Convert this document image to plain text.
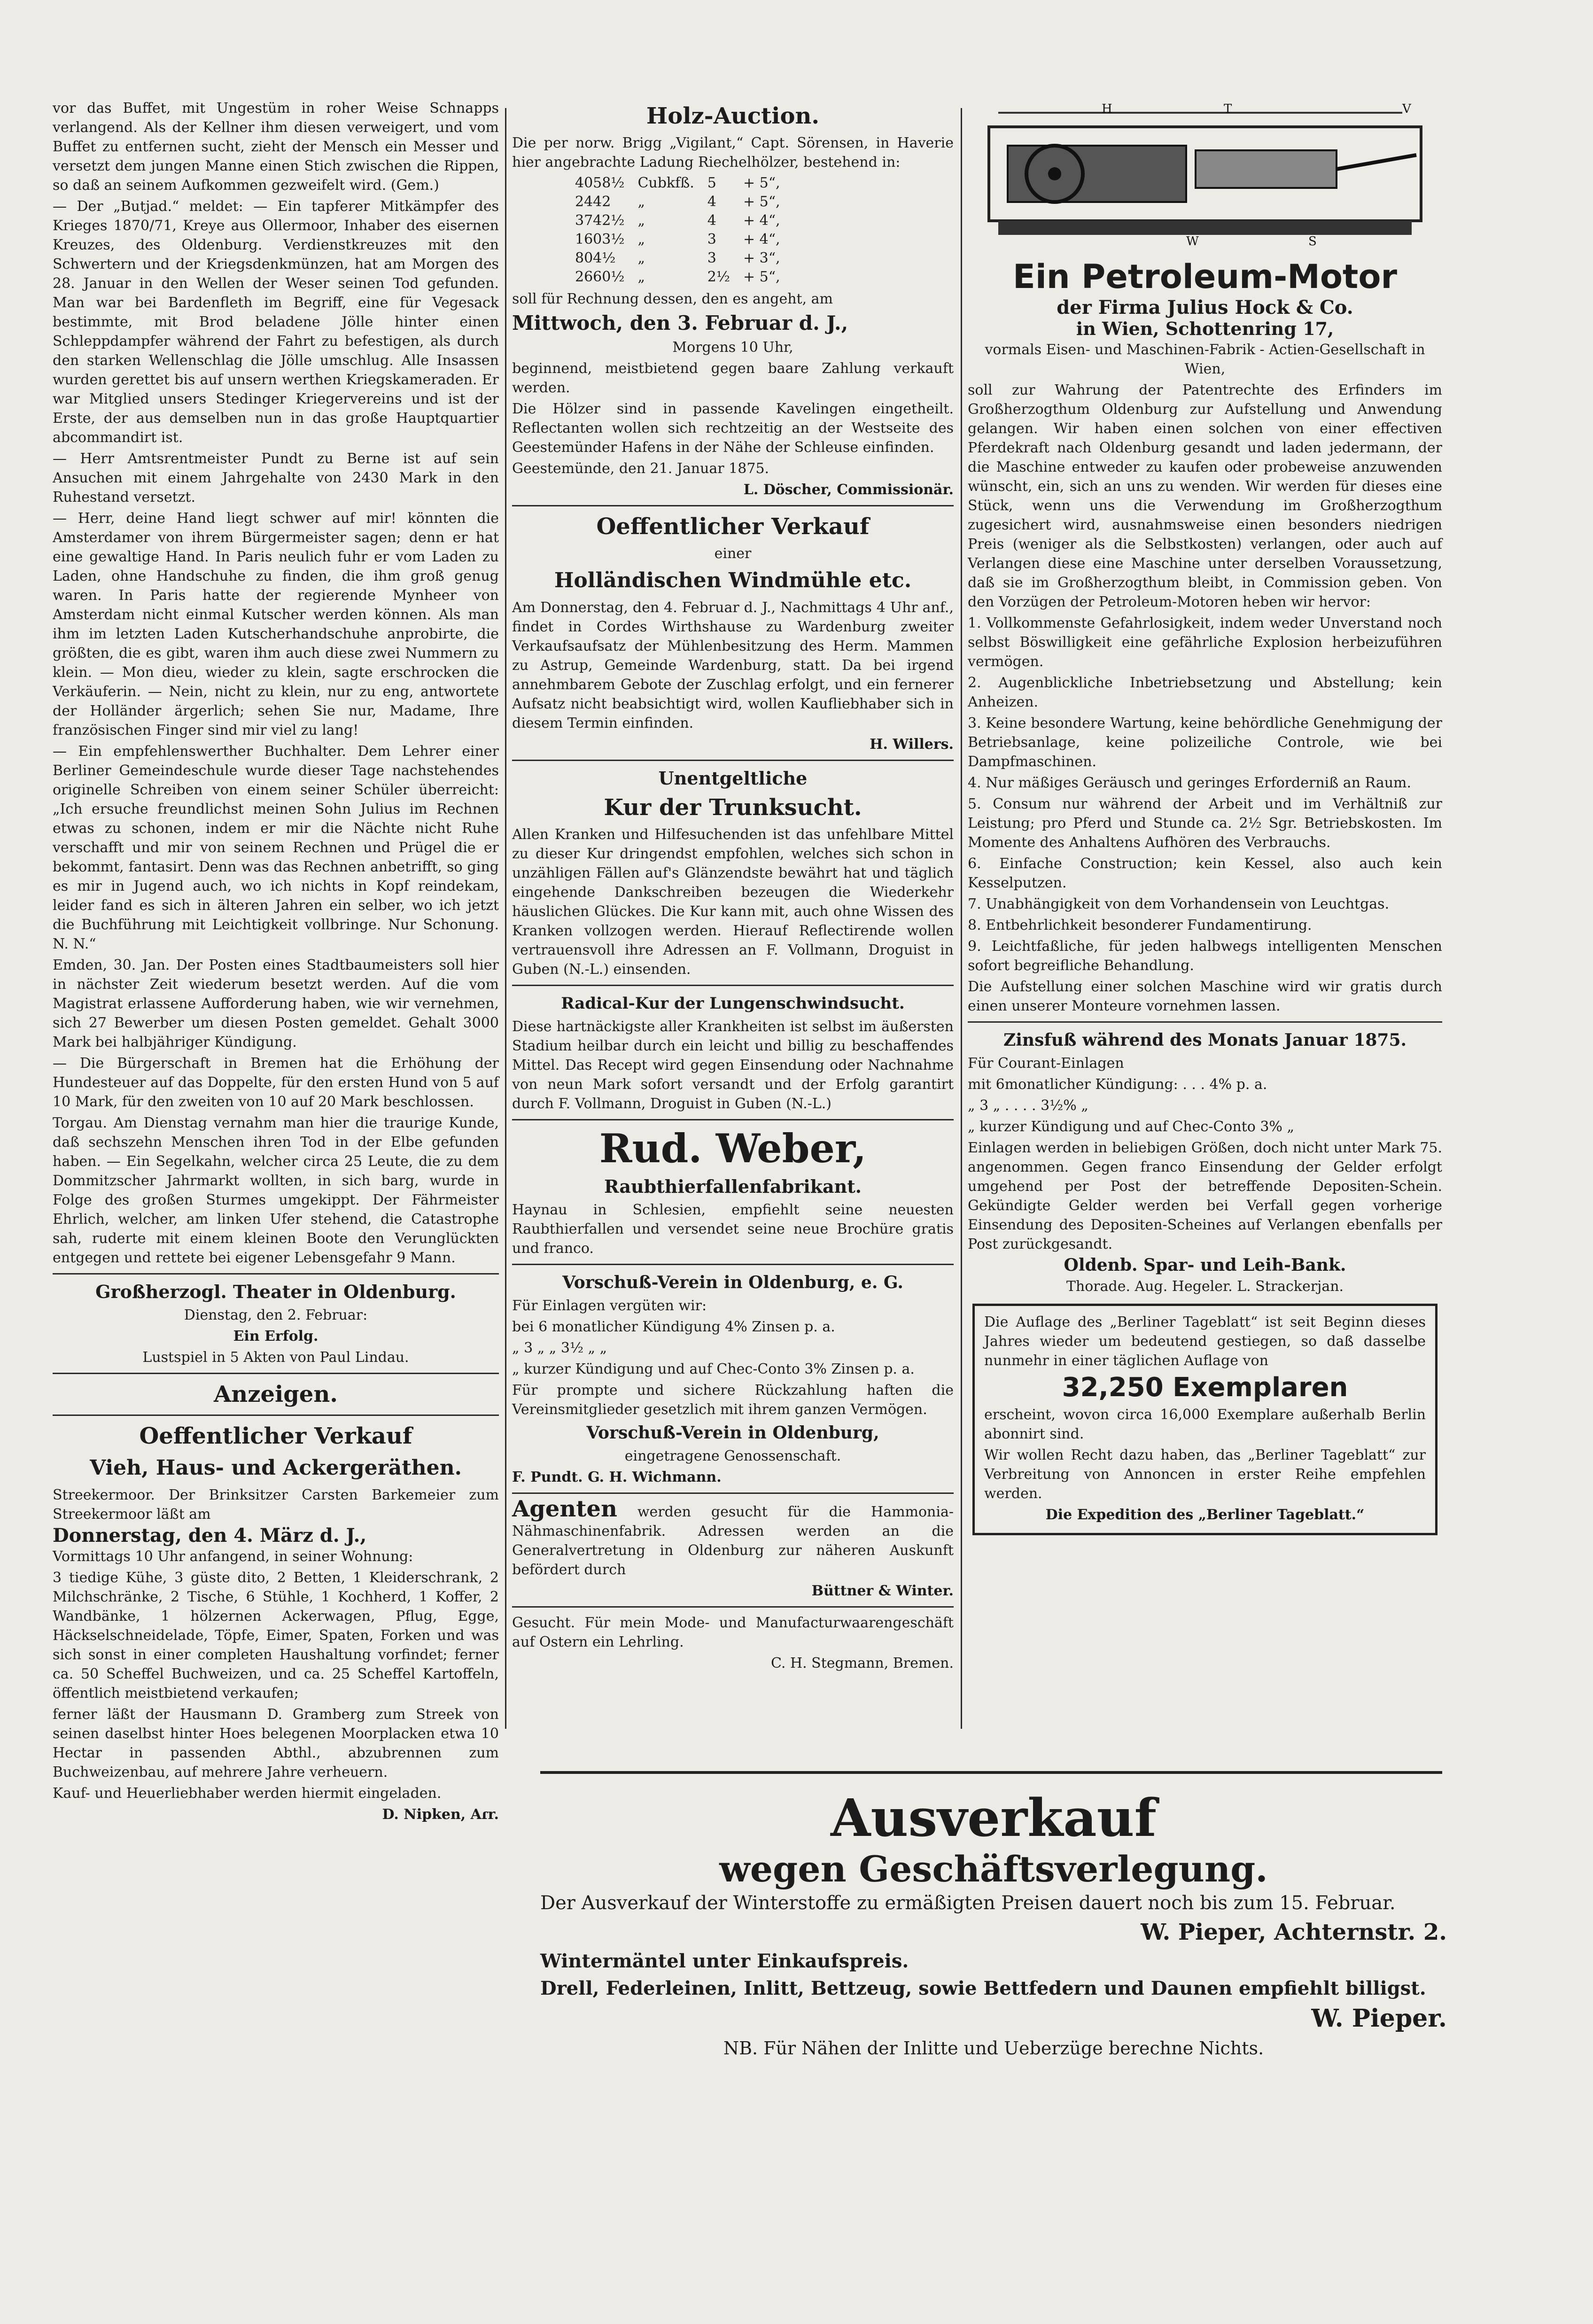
vor das Buffet, mit Ungestüm in roher Weise Schnapps verlangend. Als der Kellner ihm diesen verweigert, und vom Buffet zu entfernen sucht, zieht der Mensch ein Messer und versetzt dem jungen Manne einen Stich zwischen die Rippen, so daß an seinem Aufkommen gezweifelt wird. (Gem.)

— Der „Butjad.“ meldet: — Ein tapferer Mitkämpfer des Krieges 1870/71, Kreye aus Ollermoor, Inhaber des eisernen Kreuzes, des Oldenburg. Verdienstkreuzes mit den Schwertern und der Kriegsdenkmünzen, hat am Morgen des 28. Januar in den Wellen der Weser seinen Tod gefunden. Man war bei Bardenfleth im Begriff, eine für Vegesack bestimmte, mit Brod beladene Jölle hinter einen Schleppdampfer während der Fahrt zu befestigen, als durch den starken Wellenschlag die Jölle umschlug. Alle Insassen wurden gerettet bis auf unsern werthen Kriegskameraden. Er war Mitglied unsers Stedinger Kriegervereins und ist der Erste, der aus demselben nun in das große Hauptquartier abcommandirt ist.

— Herr Amtsrentmeister Pundt zu Berne ist auf sein Ansuchen mit einem Jahrgehalte von 2430 Mark in den Ruhestand versetzt.

— Herr, deine Hand liegt schwer auf mir! könnten die Amsterdamer von ihrem Bürgermeister sagen; denn er hat eine gewaltige Hand. In Paris neulich fuhr er vom Laden zu Laden, ohne Handschuhe zu finden, die ihm groß genug waren. In Paris hatte der regierende Mynheer von Amsterdam nicht einmal Kutscher werden können. Als man ihm im letzten Laden Kutscherhandschuhe anprobirte, die größten, die es gibt, waren ihm auch diese zwei Nummern zu klein. — Mon dieu, wieder zu klein, sagte erschrocken die Verkäuferin. — Nein, nicht zu klein, nur zu eng, antwortete der Holländer ärgerlich; sehen Sie nur, Madame, Ihre französischen Finger sind mir viel zu lang!

— Ein empfehlenswerther Buchhalter. Dem Lehrer einer Berliner Gemeindeschule wurde dieser Tage nachstehendes originelle Schreiben von einem seiner Schüler überreicht: „Ich ersuche freundlichst meinen Sohn Julius im Rechnen etwas zu schonen, indem er mir die Nächte nicht Ruhe verschafft und mir von seinem Rechnen und Prügel die er bekommt, fantasirt. Denn was das Rechnen anbetrifft, so ging es mir in Jugend auch, wo ich nichts in Kopf reindekam, leider fand es sich in älteren Jahren ein selber, wo ich jetzt die Buchführung mit Leichtigkeit vollbringe. Nur Schonung. N. N.“

Emden, 30. Jan. Der Posten eines Stadtbaumeisters soll hier in nächster Zeit wiederum besetzt werden. Auf die vom Magistrat erlassene Aufforderung haben, wie wir vernehmen, sich 27 Bewerber um diesen Posten gemeldet. Gehalt 3000 Mark bei halbjähriger Kündigung.

— Die Bürgerschaft in Bremen hat die Erhöhung der Hundesteuer auf das Doppelte, für den ersten Hund von 5 auf 10 Mark, für den zweiten von 10 auf 20 Mark beschlossen.

Torgau. Am Dienstag vernahm man hier die traurige Kunde, daß sechszehn Menschen ihren Tod in der Elbe gefunden haben. — Ein Segelkahn, welcher circa 25 Leute, die zu dem Dommitzscher Jahrmarkt wollten, in sich barg, wurde in Folge des großen Sturmes umgekippt. Der Fährmeister Ehrlich, welcher, am linken Ufer stehend, die Catastrophe sah, ruderte mit einem kleinen Boote den Verunglückten entgegen und rettete bei eigener Lebensgefahr 9 Mann.

Großherzogl. Theater in Oldenburg.

Dienstag, den 2. Februar:

Ein Erfolg.

Lustspiel in 5 Akten von Paul Lindau.

Anzeigen.
Oeffentlicher Verkauf
Vieh, Haus- und Ackergeräthen.

Streekermoor. Der Brinksitzer Carsten Barkemeier zum Streekermoor läßt am

Donnerstag, den 4. März d. J.,

Vormittags 10 Uhr anfangend, in seiner Wohnung:

3 tiedige Kühe, 3 güste dito, 2 Betten, 1 Kleiderschrank, 2 Milchschränke, 2 Tische, 6 Stühle, 1 Kochherd, 1 Koffer, 2 Wandbänke, 1 hölzernen Ackerwagen, Pflug, Egge, Häckselschneidelade, Töpfe, Eimer, Spaten, Forken und was sich sonst in einer completen Haushaltung vorfindet; ferner ca. 50 Scheffel Buchweizen, und ca. 25 Scheffel Kartoffeln, öffentlich meistbietend verkaufen;

ferner läßt der Hausmann D. Gramberg zum Streek von seinen daselbst hinter Hoes belegenen Moorplacken etwa 10 Hectar in passenden Abthl., abzubrennen zum Buchweizenbau, auf mehrere Jahre verheuern.

Kauf- und Heuerliebhaber werden hiermit eingeladen.

D. Nipken, Aɾr.

Holz-Auction.

Die per norw. Brigg „Vigilant,“ Capt. Sörensen, in Haverie hier angebrachte Ladung Riechelhölzer, bestehend in:

4058½	Cubkfß.	5	+ 5“,
2442	„	4	+ 5“,
3742½	„	4	+ 4“,
1603½	„	3	+ 4“,
804½	„	3	+ 3“,
2660½	„	2½	+ 5“,

soll für Rechnung dessen, den es angeht, am

Mittwoch, den 3. Februar d. J.,

Morgens 10 Uhr,

beginnend, meistbietend gegen baare Zahlung verkauft werden.

Die Hölzer sind in passende Kavelingen eingetheilt. Reflectanten wollen sich rechtzeitig an der Westseite des Geestemünder Hafens in der Nähe der Schleuse einfinden.

Geestemünde, den 21. Januar 1875.

L. Döscher, Commissionär.

Oeffentlicher Verkauf

einer

Holländischen Windmühle etc.

Am Donnerstag, den 4. Februar d. J., Nachmittags 4 Uhr anf., findet in Cordes Wirthshause zu Wardenburg zweiter Verkaufsaufsatz der Mühlenbesitzung des Herm. Mammen zu Astrup, Gemeinde Wardenburg, statt. Da bei irgend annehmbarem Gebote der Zuschlag erfolgt, und ein fernerer Aufsatz nicht beabsichtigt wird, wollen Kaufliebhaber sich in diesem Termin einfinden.

H. Willers.

Unentgeltliche
Kur der Trunksucht.

Allen Kranken und Hilfesuchenden ist das unfehlbare Mittel zu dieser Kur dringendst empfohlen, welches sich schon in unzähligen Fällen auf's Glänzendste bewährt hat und täglich eingehende Dankschreiben bezeugen die Wiederkehr häuslichen Glückes. Die Kur kann mit, auch ohne Wissen des Kranken vollzogen werden. Hierauf Reflectirende wollen vertrauensvoll ihre Adressen an F. Vollmann, Droguist in Guben (N.-L.) einsenden.

Radical-Kur der Lungenschwindsucht.

Diese hartnäckigste aller Krankheiten ist selbst im äußersten Stadium heilbar durch ein leicht und billig zu beschaffendes Mittel. Das Recept wird gegen Einsendung oder Nachnahme von neun Mark sofort versandt und der Erfolg garantirt durch F. Vollmann, Droguist in Guben (N.-L.)

Rud. Weber,
Raubthierfallenfabrikant.

Haynau in Schlesien, empfiehlt seine neuesten Raubthierfallen und versendet seine neue Brochüre gratis und franco.

Vorschuß-Verein in Oldenburg, e. G.

Für Einlagen vergüten wir:

bei 6 monatlicher Kündigung 4% Zinsen p. a.

„ 3 „ „ 3½ „ „

„ kurzer Kündigung und auf Chec-Conto 3% Zinsen p. a.

Für prompte und sichere Rückzahlung haften die Vereinsmitglieder gesetzlich mit ihrem ganzen Vermögen.

Vorschuß-Verein in Oldenburg,

eingetragene Genossenschaft.

F. Pundt. G. H. Wichmann.

Agenten werden gesucht für die Hammonia-Nähmaschinenfabrik. Adressen werden an die Generalvertretung in Oldenburg zur näheren Auskunft befördert durch

Büttner & Winter.

Gesucht. Für mein Mode- und Manufacturwaarengeschäft auf Ostern ein Lehrling.

C. H. Stegmann, Bremen.

H	T	V
W	S
Ein Petroleum-Motor

der Firma Julius Hock & Co.

in Wien, Schottenring 17,

vormals Eisen- und Maschinen-Fabrik - Actien-Gesellschaft in Wien,

soll zur Wahrung der Patentrechte des Erfinders im Großherzogthum Oldenburg zur Aufstellung und Anwendung gelangen. Wir haben einen solchen von einer effectiven Pferdekraft nach Oldenburg gesandt und laden jedermann, der die Maschine entweder zu kaufen oder probeweise anzuwenden wünscht, ein, sich an uns zu wenden. Wir werden für dieses eine Stück, wenn uns die Verwendung im Großherzogthum zugesichert wird, ausnahmsweise einen besonders niedrigen Preis (weniger als die Selbstkosten) verlangen, oder auch auf Verlangen diese eine Maschine unter derselben Voraussetzung, daß sie im Großherzogthum bleibt, in Commission geben. Von den Vorzügen der Petroleum-Motoren heben wir hervor:

1. Vollkommenste Gefahrlosigkeit, indem weder Unverstand noch selbst Böswilligkeit eine gefährliche Explosion herbeizuführen vermögen.

2. Augenblickliche Inbetriebsetzung und Abstellung; kein Anheizen.

3. Keine besondere Wartung, keine behördliche Genehmigung der Betriebsanlage, keine polizeiliche Controle, wie bei Dampfmaschinen.

4. Nur mäßiges Geräusch und geringes Erforderniß an Raum.

5. Consum nur während der Arbeit und im Verhältniß zur Leistung; pro Pferd und Stunde ca. 2½ Sgr. Betriebskosten. Im Momente des Anhaltens Aufhören des Verbrauchs.

6. Einfache Construction; kein Kessel, also auch kein Kesselputzen.

7. Unabhängigkeit von dem Vorhandensein von Leuchtgas.

8. Entbehrlichkeit besonderer Fundamentirung.

9. Leichtfaßliche, für jeden halbwegs intelligenten Menschen sofort begreifliche Behandlung.

Die Aufstellung einer solchen Maschine wird wir gratis durch einen unserer Monteure vornehmen lassen.

Zinsfuß während des Monats Januar 1875.

Für Courant-Einlagen

mit 6monatlicher Kündigung: . . . 4% p. a.

„ 3 „ . . . . 3½% „

„ kurzer Kündigung und auf Chec-Conto 3% „

Einlagen werden in beliebigen Größen, doch nicht unter Mark 75. angenommen. Gegen franco Einsendung der Gelder erfolgt umgehend per Post der betreffende Depositen-Schein. Gekündigte Gelder werden bei Verfall gegen vorherige Einsendung des Depositen-Scheines auf Verlangen ebenfalls per Post zurückgesandt.

Oldenb. Spar- und Leih-Bank.

Thorade. Aug. Hegeler. L. Strackerjan.

Die Auflage des „Berliner Tageblatt“ ist seit Beginn dieses Jahres wieder um bedeutend gestiegen, so daß dasselbe nunmehr in einer täglichen Auflage von

32,250 Exemplaren

erscheint, wovon circa 16,000 Exemplare außerhalb Berlin abonnirt sind.

Wir wollen Recht dazu haben, das „Berliner Tageblatt“ zur Verbreitung von Annoncen in erster Reihe empfehlen werden.

Die Expedition des „Berliner Tageblatt.“

Ausverkauf
wegen Geschäftsverlegung.

Der Ausverkauf der Winterstoffe zu ermäßigten Preisen dauert noch bis zum 15. Februar.

W. Pieper, Achternstr. 2.

Wintermäntel unter Einkaufspreis.

Drell, Federleinen, Inlitt, Bettzeug, sowie Bettfedern und Daunen empfiehlt billigst.

W. Pieper.

NB. Für Nähen der Inlitte und Ueberzüge berechne Nichts.
